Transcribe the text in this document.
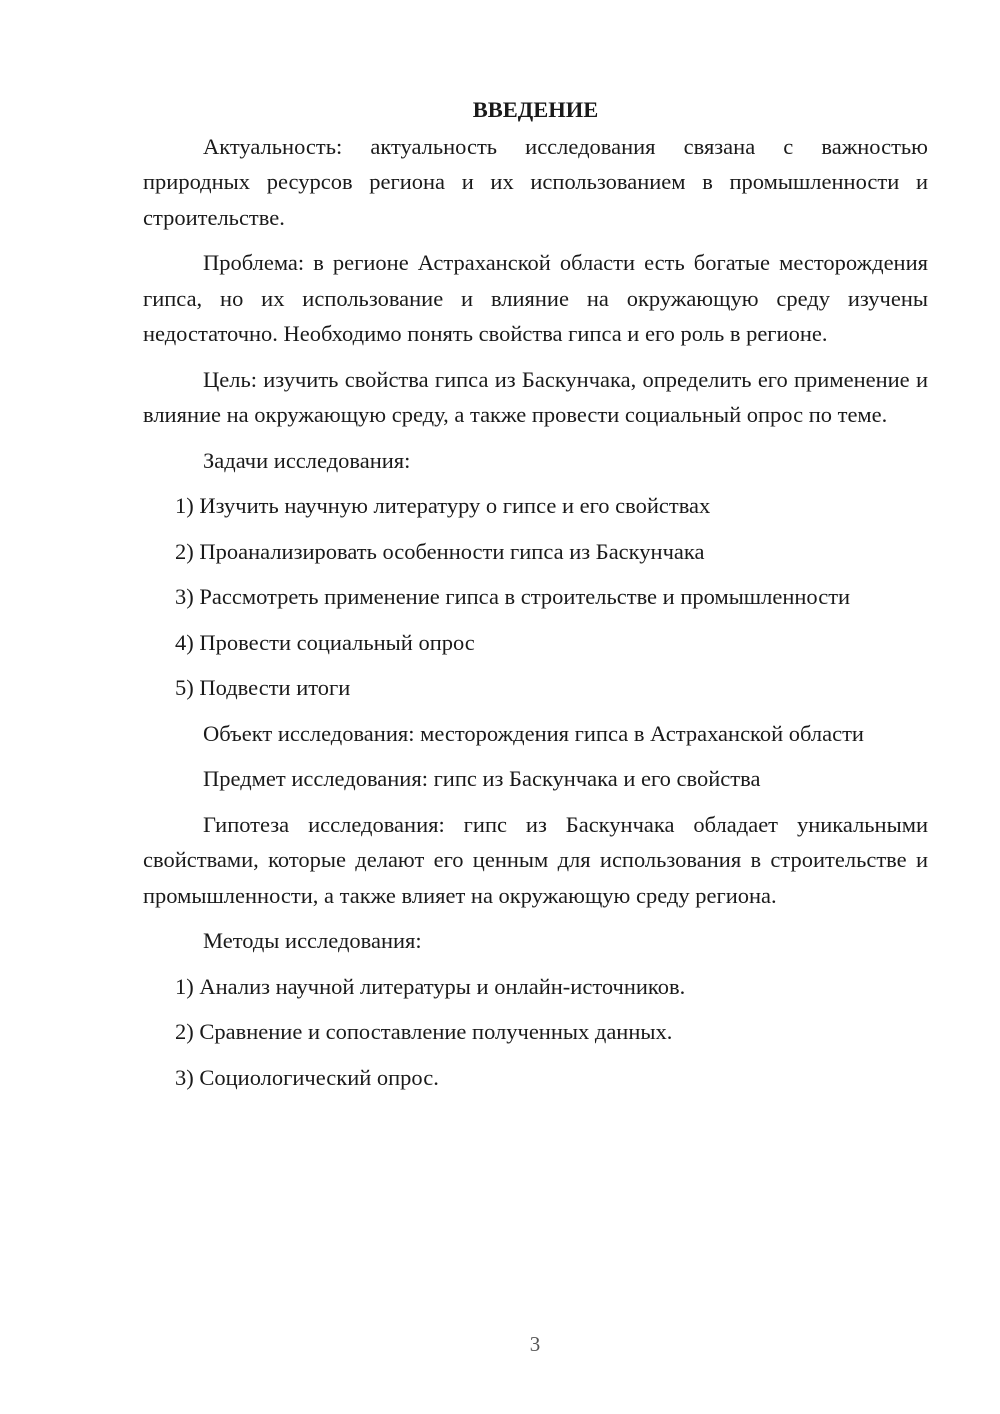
ВВЕДЕНИЕ
Актуальность: актуальность исследования связана с важностью природных ресурсов региона и их использованием в промышленности и строительстве.
Проблема: в регионе Астраханской области есть богатые месторождения гипса, но их использование и влияние на окружающую среду изучены недостаточно. Необходимо понять свойства гипса и его роль в регионе.
Цель: изучить свойства гипса из Баскунчака, определить его применение и влияние на окружающую среду, а также провести социальный опрос по теме.
Задачи исследования:
1) Изучить научную литературу о гипсе и его свойствах
2) Проанализировать особенности гипса из Баскунчака
3) Рассмотреть применение гипса в строительстве и промышленности
4) Провести социальный опрос
5) Подвести итоги
Объект исследования: месторождения гипса в Астраханской области
Предмет исследования: гипс из Баскунчака и его свойства
Гипотеза исследования: гипс из Баскунчака обладает уникальными свойствами, которые делают его ценным для использования в строительстве и промышленности, а также влияет на окружающую среду региона.
Методы исследования:
1) Анализ научной литературы и онлайн-источников.
2) Сравнение и сопоставление полученных данных.
3) Социологический опрос.
3
